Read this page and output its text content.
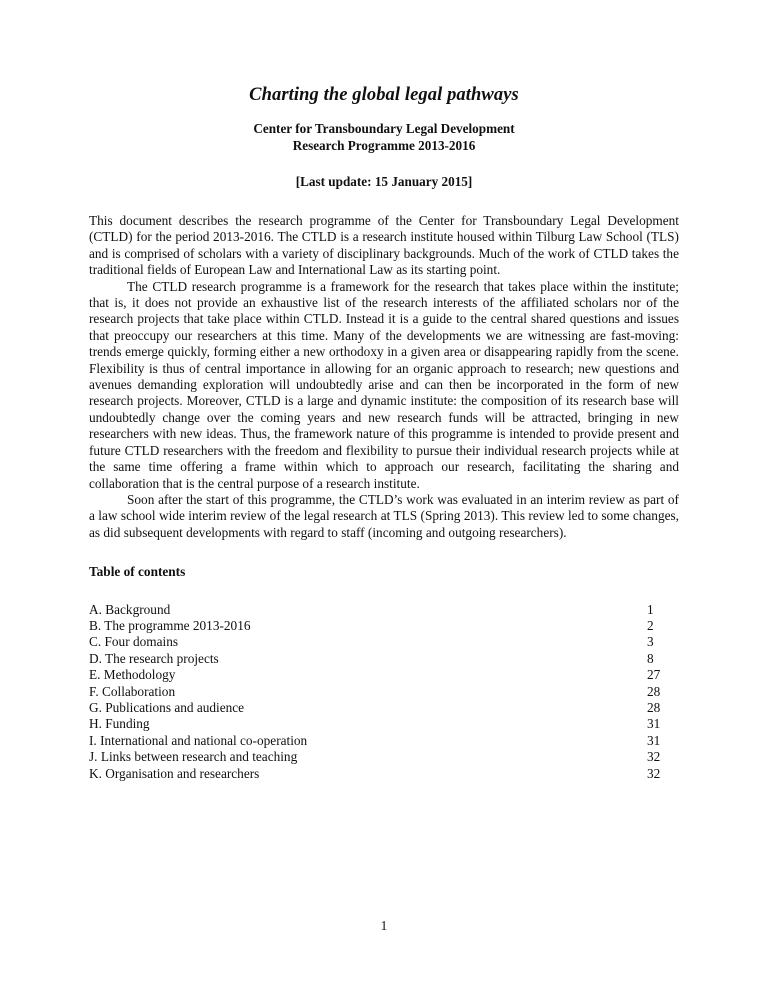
Charting the global legal pathways
Center for Transboundary Legal Development
Research Programme 2013-2016
[Last update: 15 January 2015]

This document describes the research programme of the Center for Transboundary Legal Development (CTLD) for the period 2013-2016. The CTLD is a research institute housed within Tilburg Law School (TLS) and is comprised of scholars with a variety of disciplinary backgrounds. Much of the work of CTLD takes the traditional fields of European Law and International Law as its starting point.

The CTLD research programme is a framework for the research that takes place within the institute; that is, it does not provide an exhaustive list of the research interests of the affiliated scholars nor of the research projects that take place within CTLD. Instead it is a guide to the central shared questions and issues that preoccupy our researchers at this time. Many of the developments we are witnessing are fast-moving: trends emerge quickly, forming either a new orthodoxy in a given area or disappearing rapidly from the scene. Flexibility is thus of central importance in allowing for an organic approach to research; new questions and avenues demanding exploration will undoubtedly arise and can then be incorporated in the form of new research projects. Moreover, CTLD is a large and dynamic institute: the composition of its research base will undoubtedly change over the coming years and new research funds will be attracted, bringing in new researchers with new ideas. Thus, the framework nature of this programme is intended to provide present and future CTLD researchers with the freedom and flexibility to pursue their individual research projects while at the same time offering a frame within which to approach our research, facilitating the sharing and collaboration that is the central purpose of a research institute.

Soon after the start of this programme, the CTLD’s work was evaluated in an interim review as part of a law school wide interim review of the legal research at TLS (Spring 2013). This review led to some changes, as did subsequent developments with regard to staff (incoming and outgoing researchers).

Table of contents
A. Background	1
B. The programme 2013-2016	2
C. Four domains	3
D. The research projects	8
E. Methodology	27
F. Collaboration	28
G. Publications and audience	28
H. Funding	31
I. International and national co-operation	31
J. Links between research and teaching	32
K. Organisation and researchers	32
1
